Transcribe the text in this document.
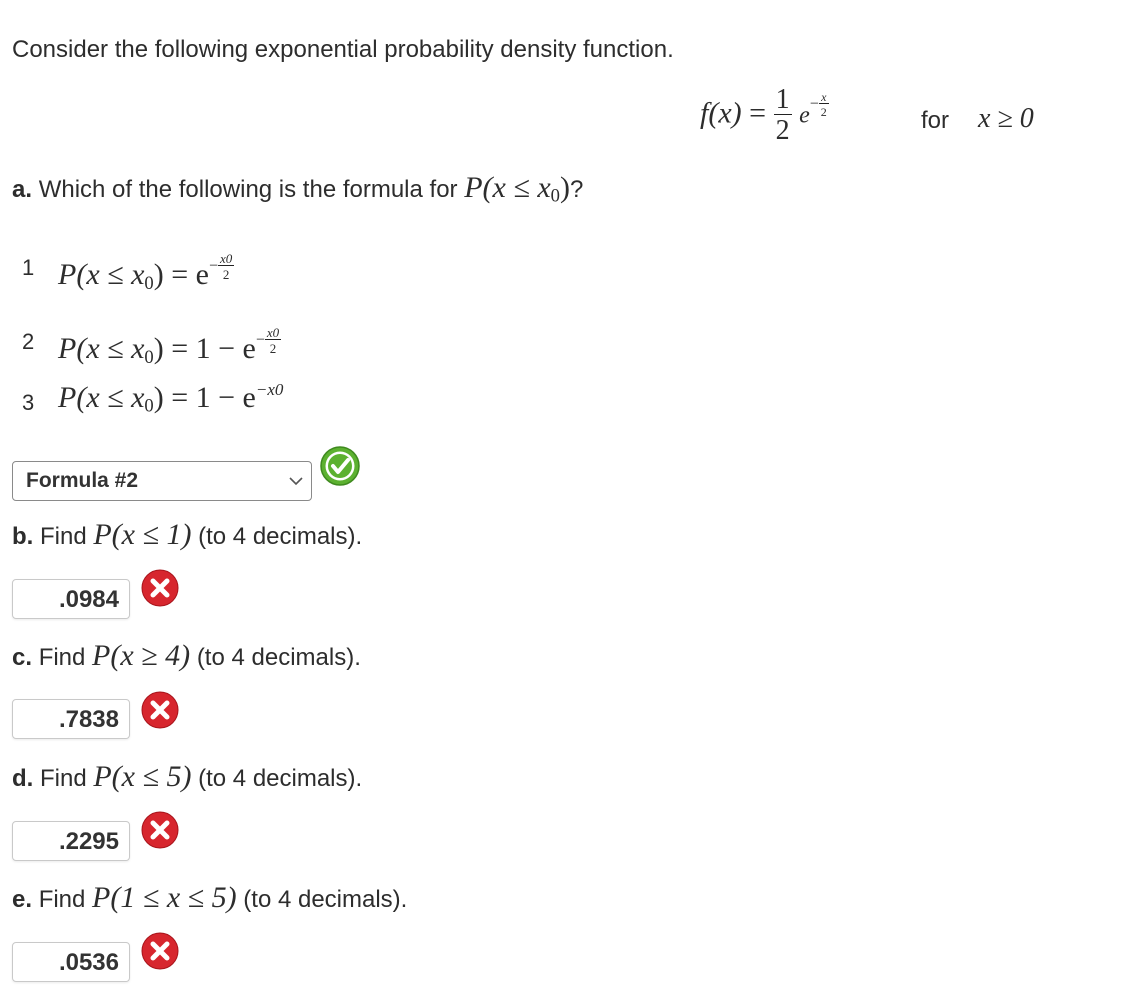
Consider the following exponential probability density function.
$f(x) = \frac{1}{2} e- \frac{x}{2}$
for x ≥ 0
a. Which of the following is the formula for $P(x \le x_0)$?
1 $P(x \le x_0) = e- \frac{x0}{2}$
2 $P(x \le x_0) = 1 - e- \frac{x0}{2}$
3 $P(x \le x_0) = 1 - e^{-x0}$
Formula #2
b. Find P(x ≤ 1) (to 4 decimals).
.0984
c. Find P(x ≥ 4) (to 4 decimals).
.7838
d. Find P(x ≤ 5) (to 4 decimals).
.2295
e. Find P(1 ≤ x ≤ 5) (to 4 decimals).
.0536
